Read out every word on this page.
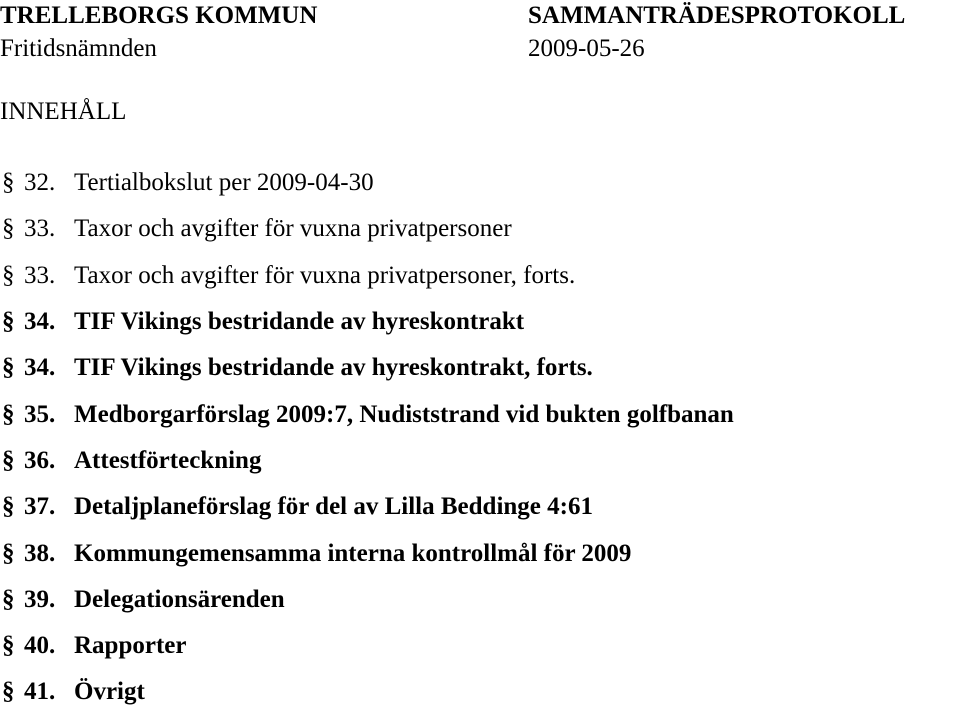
TRELLEBORGS KOMMUN	SAMMANTRÄDESPROTOKOLL
Fritidsnämnden	2009-05-26
INNEHÅLL
§ 32. Tertialbokslut per 2009-04-30
§ 33. Taxor och avgifter för vuxna privatpersoner
§ 33. Taxor och avgifter för vuxna privatpersoner, forts.
§ 34. TIF Vikings bestridande av hyreskontrakt
§ 34. TIF Vikings bestridande av hyreskontrakt, forts.
§ 35. Medborgarförslag 2009:7, Nudiststrand vid bukten golfbanan
§ 36. Attestförteckning
§ 37. Detaljplaneförslag för del av Lilla Beddinge 4:61
§ 38. Kommungemensamma interna kontrollmål för 2009
§ 39. Delegationsärenden
§ 40. Rapporter
§ 41. Övrigt
